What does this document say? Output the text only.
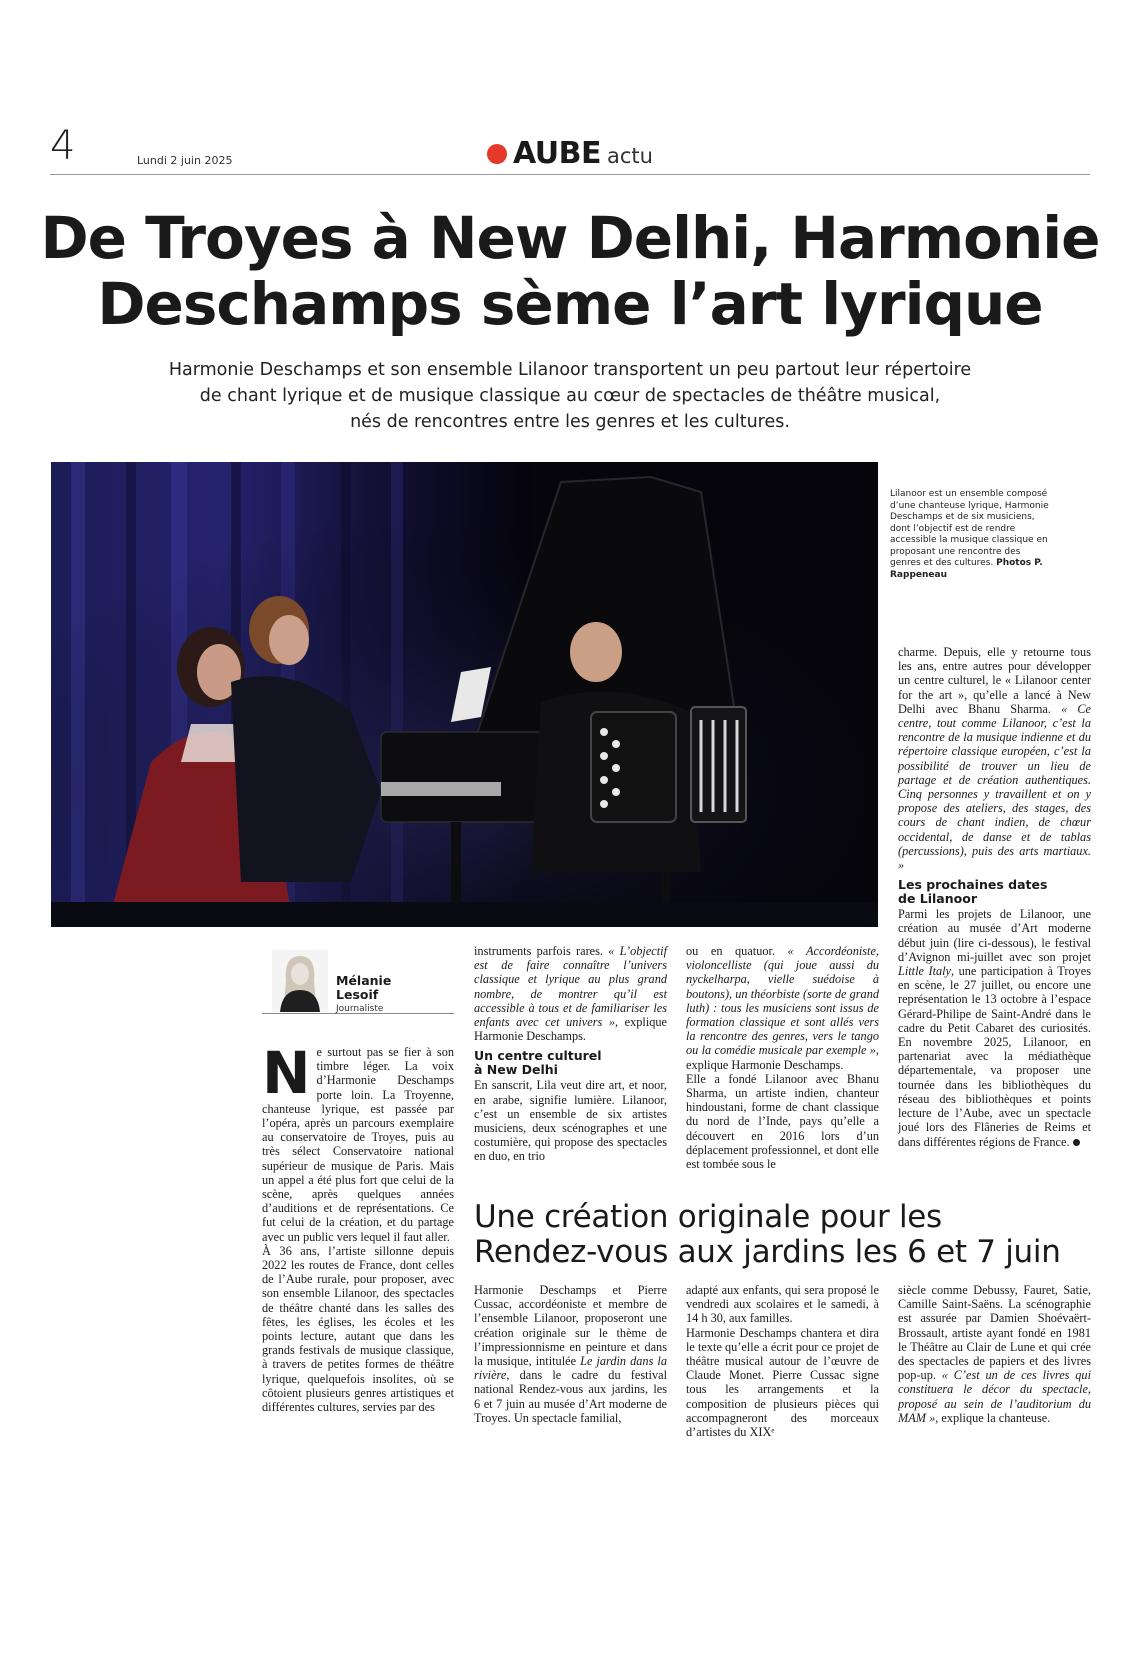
4	Lundi 2 juin 2025	AUBE actu
De Troyes à New Delhi, Harmonie
Deschamps sème l’art lyrique
Harmonie Deschamps et son ensemble Lilanoor transportent un peu partout leur répertoire
de chant lyrique et de musique classique au cœur de spectacles de théâtre musical,
nés de rencontres entre les genres et les cultures.
Lilanoor est un ensemble composé d’une chanteuse lyrique, Harmonie Deschamps et de six musiciens, dont l’objectif est de rendre accessible la musique classique en proposant une rencontre des genres et des cultures. Photos P. Rappeneau
Mélanie
Lesoif
Journaliste

Ne surtout pas se fier à son timbre léger. La voix d’Harmonie Deschamps porte loin. La Troyenne, chanteuse lyrique, est passée par l’opéra, après un parcours exemplaire au conservatoire de Troyes, puis au très sélect Conservatoire national supérieur de musique de Paris. Mais un appel a été plus fort que celui de la scène, après quelques années d’auditions et de représentations. Ce fut celui de la création, et du partage avec un public vers lequel il faut aller.

À 36 ans, l’artiste sillonne depuis 2022 les routes de France, dont celles de l’Aube rurale, pour proposer, avec son ensemble Lilanoor, des spectacles de théâtre chanté dans les salles des fêtes, les églises, les écoles et les points lecture, autant que dans les grands festivals de musique classique, à travers de petites formes de théâtre lyrique, quelquefois insolites, où se côtoient plusieurs genres artistiques et différentes cultures, servies par des

instruments parfois rares. « L’objectif est de faire connaître l’univers classique et lyrique au plus grand nombre, de montrer qu’il est accessible à tous et de familiariser les enfants avec cet univers », explique Harmonie Deschamps.

Un centre culturel
à New Delhi

En sanscrit, Lila veut dire art, et noor, en arabe, signifie lumière. Lilanoor, c’est un ensemble de six artistes musiciens, deux scénographes et une costumière, qui propose des spectacles en duo, en trio

ou en quatuor. « Accordéoniste, violoncelliste (qui joue aussi du nyckelharpa, vielle suédoise à boutons), un théorbiste (sorte de grand luth) : tous les musiciens sont issus de formation classique et sont allés vers la rencontre des genres, vers le tango ou la comédie musicale par exemple », explique Harmonie Deschamps.

Elle a fondé Lilanoor avec Bhanu Sharma, un artiste indien, chanteur hindoustani, forme de chant classique du nord de l’Inde, pays qu’elle a découvert en 2016 lors d’un déplacement professionnel, et dont elle est tombée sous le

charme. Depuis, elle y retourne tous les ans, entre autres pour développer un centre culturel, le « Lilanoor center for the art », qu’elle a lancé à New Delhi avec Bhanu Sharma. « Ce centre, tout comme Lilanoor, c’est la rencontre de la musique indienne et du répertoire classique européen, c’est la possibilité de trouver un lieu de partage et de création authentiques. Cinq personnes y travaillent et on y propose des ateliers, des stages, des cours de chant indien, de chœur occidental, de danse et de tablas (percussions), puis des arts martiaux. »

Les prochaines dates
de Lilanoor

Parmi les projets de Lilanoor, une création au musée d’Art moderne début juin (lire ci-dessous), le festival d’Avignon mi-juillet avec son projet Little Italy, une participation à Troyes en scène, le 27 juillet, ou encore une représentation le 13 octobre à l’espace Gérard-Philipe de Saint-André dans le cadre du Petit Cabaret des curiosités. En novembre 2025, Lilanoor, en partenariat avec la médiathèque départementale, va proposer une tournée dans les bibliothèques du réseau des bibliothèques et points lecture de l’Aube, avec un spectacle joué lors des Flâneries de Reims et dans différentes régions de France.

Une création originale pour les
Rendez-vous aux jardins les 6 et 7 juin

Harmonie Deschamps et Pierre Cussac, accordéoniste et membre de l’ensemble Lilanoor, proposeront une création originale sur le thème de l’impressionnisme en peinture et dans la musique, intitulée Le jardin dans la rivière, dans le cadre du festival national Rendez-vous aux jardins, les 6 et 7 juin au musée d’Art moderne de Troyes. Un spectacle familial,

adapté aux enfants, qui sera proposé le vendredi aux scolaires et le samedi, à 14 h 30, aux familles.

Harmonie Deschamps chantera et dira le texte qu’elle a écrit pour ce projet de théâtre musical autour de l’œuvre de Claude Monet. Pierre Cussac signe tous les arrangements et la composition de plusieurs pièces qui accompagneront des morceaux d’artistes du XIXᵉ

siècle comme Debussy, Fauret, Satie, Camille Saint-Saëns. La scénographie est assurée par Damien Shoévaërt-Brossault, artiste ayant fondé en 1981 le Théâtre au Clair de Lune et qui crée des spectacles de papiers et des livres pop-up. « C’est un de ces livres qui constituera le décor du spectacle, proposé au sein de l’auditorium du MAM », explique la chanteuse.
